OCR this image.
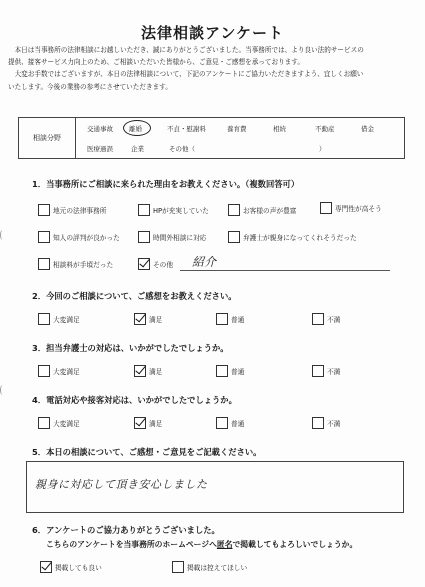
法律相談アンケート
　本日は当事務所の法律相談にお越しいただき、誠にありがとうございました。当事務所では、より良い法的サービスの
提供、接客サービス力向上のため、ご相談いただいた皆様から、ご意見・ご感想を承っております。
　大変お手数ではございますが、本日の法律相談について、下記のアンケートにご協力いただきますよう、宜しくお願い
いたします。今後の業務の参考にさせていただきます。
相談分野
交通事故 離婚	不貞・慰謝料	養育費	相続	不動産	借金
医療過誤	企業	その他（	）
1．当事務所にご相談に来られた理由をお教えください。（複数回答可）
地元の法律事務所	HPが充実していた	お客様の声が豊富	専門性が高そう
知人の評判が良かった	時間外相談に対応	弁護士が親身になってくれそうだった
相談料が手頃だった	その他 紹介
2．今回のご相談について、ご感想をお教えください。
大変満足	満足	普通	不満
3．担当弁護士の対応は、いかがでしたでしょうか。
大変満足	満足	普通	不満
4．電話対応や接客対応は、いかがでしたでしょうか。
大変満足	満足	普通	不満
5．本日の相談について、ご感想・ご意見をご記載ください。
親身に対応して頂き安心しました
6．アンケートのご協力ありがとうございました。
こちらのアンケートを当事務所のホームページへ匿名で掲載してもよろしいでしょうか。
掲載しても良い	掲載は控えてほしい
